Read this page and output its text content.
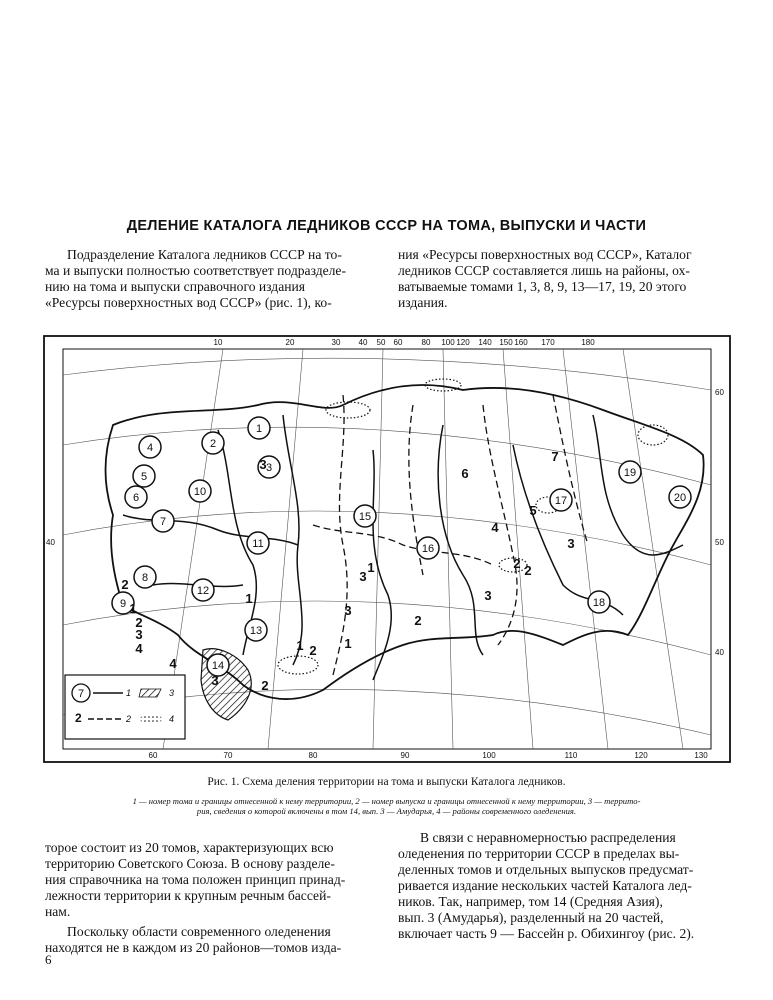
ДЕЛЕНИЕ КАТАЛОГА ЛЕДНИКОВ СССР НА ТОМА, ВЫПУСКИ И ЧАСТИ

Подразделение Каталога ледников СССР на то-

ма и выпуски полностью соответствует подразделе-

нию на тома и выпуски справочного издания

«Ресурсы поверхностных вод СССР» (рис. 1), ко-

ния «Ресурсы поверхностных вод СССР», Каталог

ледников СССР составляется лишь на районы, ох-

ватываемые томами 1, 3, 8, 9, 13—17, 19, 20 этого

издания.

10	20	30 40 50 60 80 100 120 140 150 160 170	180
60	70	80	90	100	110	120	130
40
60
50
40
1
2
3
4
5
6
7
8
9
10
11
12
13
14
15
16
17
18
19
20
3
6
4
7
5
3
2
3
2
3
1
2
1
4
3
3
1
2
2
1
2
3
4
2
1
7	1
2	2
3
4
Рис. 1. Схема деления территории на тома и выпуски Каталога ледников.
1 — номер тома и границы отнесенной к нему территории, 2 — номер выпуска и границы отнесенной к нему территории, 3 — террито-
рия, сведения о которой включены в том 14, вып. 3 — Амударья, 4 — районы современного оледенения.

торое состоит из 20 томов, характеризующих всю

территорию Советского Союза. В основу разделе-

ния справочника на тома положен принцип принад-

лежности территории к крупным речным бассей-

нам.

Поскольку области современного оледенения

находятся не в каждом из 20 районов—томов изда-

В связи с неравномерностью распределения

оледенения по территории СССР в пределах вы-

деленных томов и отдельных выпусков предусмат-

ривается издание нескольких частей Каталога лед-

ников. Так, например, том 14 (Средняя Азия),

вып. 3 (Амударья), разделенный на 20 частей,

включает часть 9 — Бассейн р. Обихингоу (рис. 2).

6
